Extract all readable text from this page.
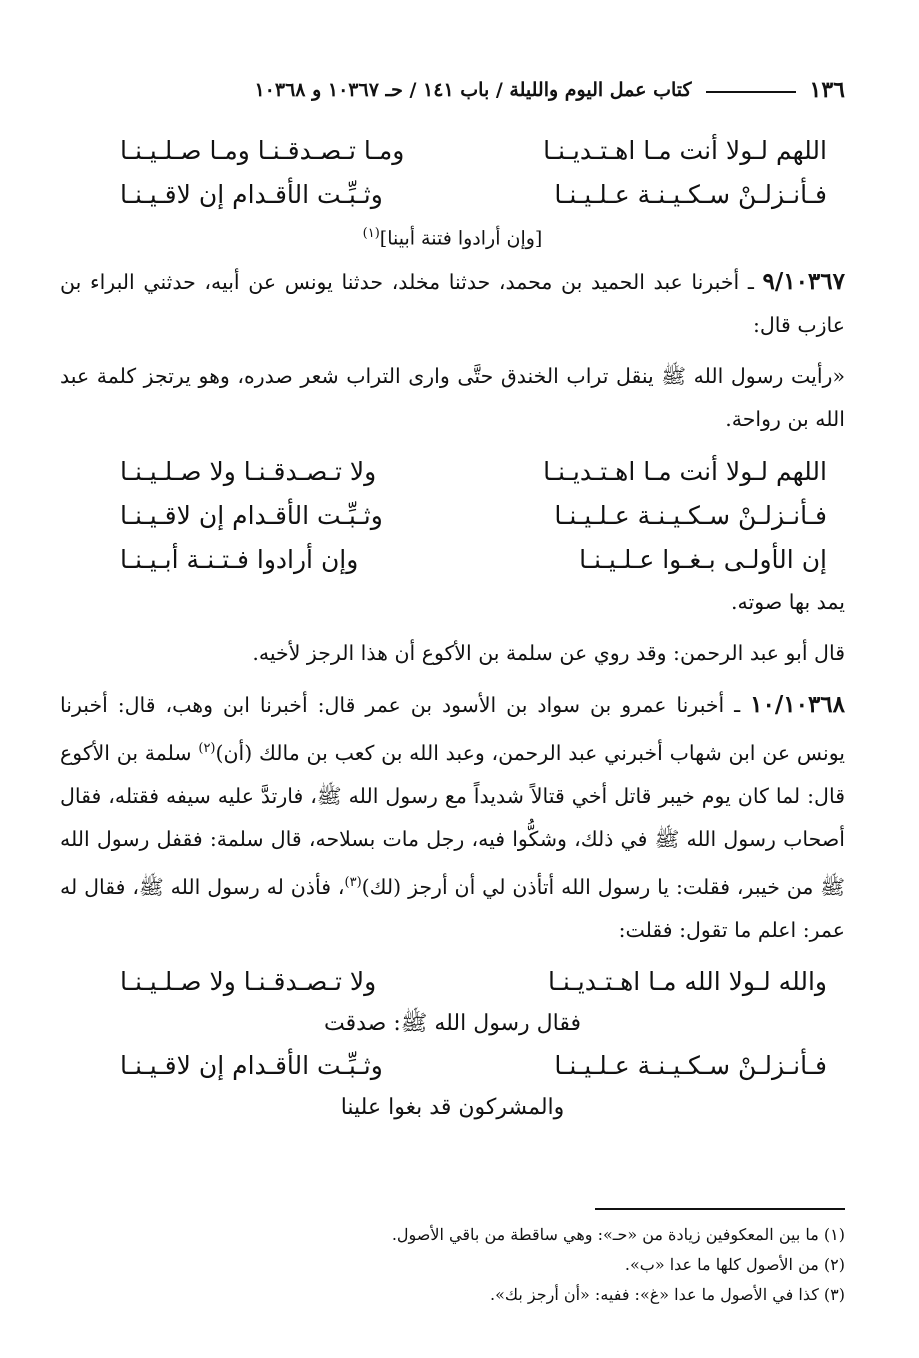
١٣٦
كتاب عمل اليوم والليلة / باب ١٤١ / حـ ١٠٣٦٧ و ١٠٣٦٨
اللهم لـولا أنت مـا اهـتـديـنـا
ومـا تـصـدقـنـا ومـا صـلـيـنـا
فـأنـزلـنْ سـكـيـنـة عـلـيـنـا
وثـبِّـت الأقـدام إن لاقـيـنـا
[وإن أرادوا فتنة أبينا]$^{(١)}$

٩/١٠٣٦٧ ـ أخبرنا عبد الحميد بن محمد، حدثنا مخلد، حدثنا يونس عن أبيه، حدثني البراء بن عازب قال:

«رأيت رسول الله ﷺ ينقل تراب الخندق حتَّى وارى التراب شعر صدره، وهو يرتجز كلمة عبد الله بن رواحة.

اللهم لـولا أنت مـا اهـتـديـنـا
ولا تـصـدقـنـا ولا صـلـيـنـا
فـأنـزلـنْ سـكـيـنـة عـلـيـنـا
وثـبِّـت الأقـدام إن لاقـيـنـا
إن الأولـى بـغـوا عـلـيـنـا
وإن أرادوا فـتـنـة أبـيـنـا

يمد بها صوته.

قال أبو عبد الرحمن: وقد روي عن سلمة بن الأكوع أن هذا الرجز لأخيه.

١٠/١٠٣٦٨ ـ أخبرنا عمرو بن سواد بن الأسود بن عمر قال: أخبرنا ابن وهب، قال: أخبرنا يونس عن ابن شهاب أخبرني عبد الرحمن، وعبد الله بن كعب بن مالك (أن)$^{(٢)}$ سلمة بن الأكوع قال: لما كان يوم خيبر قاتل أخي قتالاً شديداً مع رسول الله ﷺ، فارتدَّ عليه سيفه فقتله، فقال أصحاب رسول الله ﷺ في ذلك، وشكُّوا فيه، رجل مات بسلاحه، قال سلمة: فقفل رسول الله ﷺ من خيبر، فقلت: يا رسول الله أتأذن لي أن أرجز (لك)$^{(٣)}$، فأذن له رسول الله ﷺ، فقال له عمر: اعلم ما تقول: فقلت:

والله لـولا الله مـا اهـتـديـنـا
ولا تـصـدقـنـا ولا صـلـيـنـا
فقال رسول الله ﷺ: صدقت
فـأنـزلـنْ سـكـيـنـة عـلـيـنـا
وثـبِّـت الأقـدام إن لاقـيـنـا
والمشركون قد بغوا علينا
(١) ما بين المعكوفين زيادة من «حـ»: وهي ساقطة من باقي الأصول.
(٢) من الأصول كلها ما عدا «ب».
(٣) كذا في الأصول ما عدا «غ»: ففيه: «أن أرجز بك».
